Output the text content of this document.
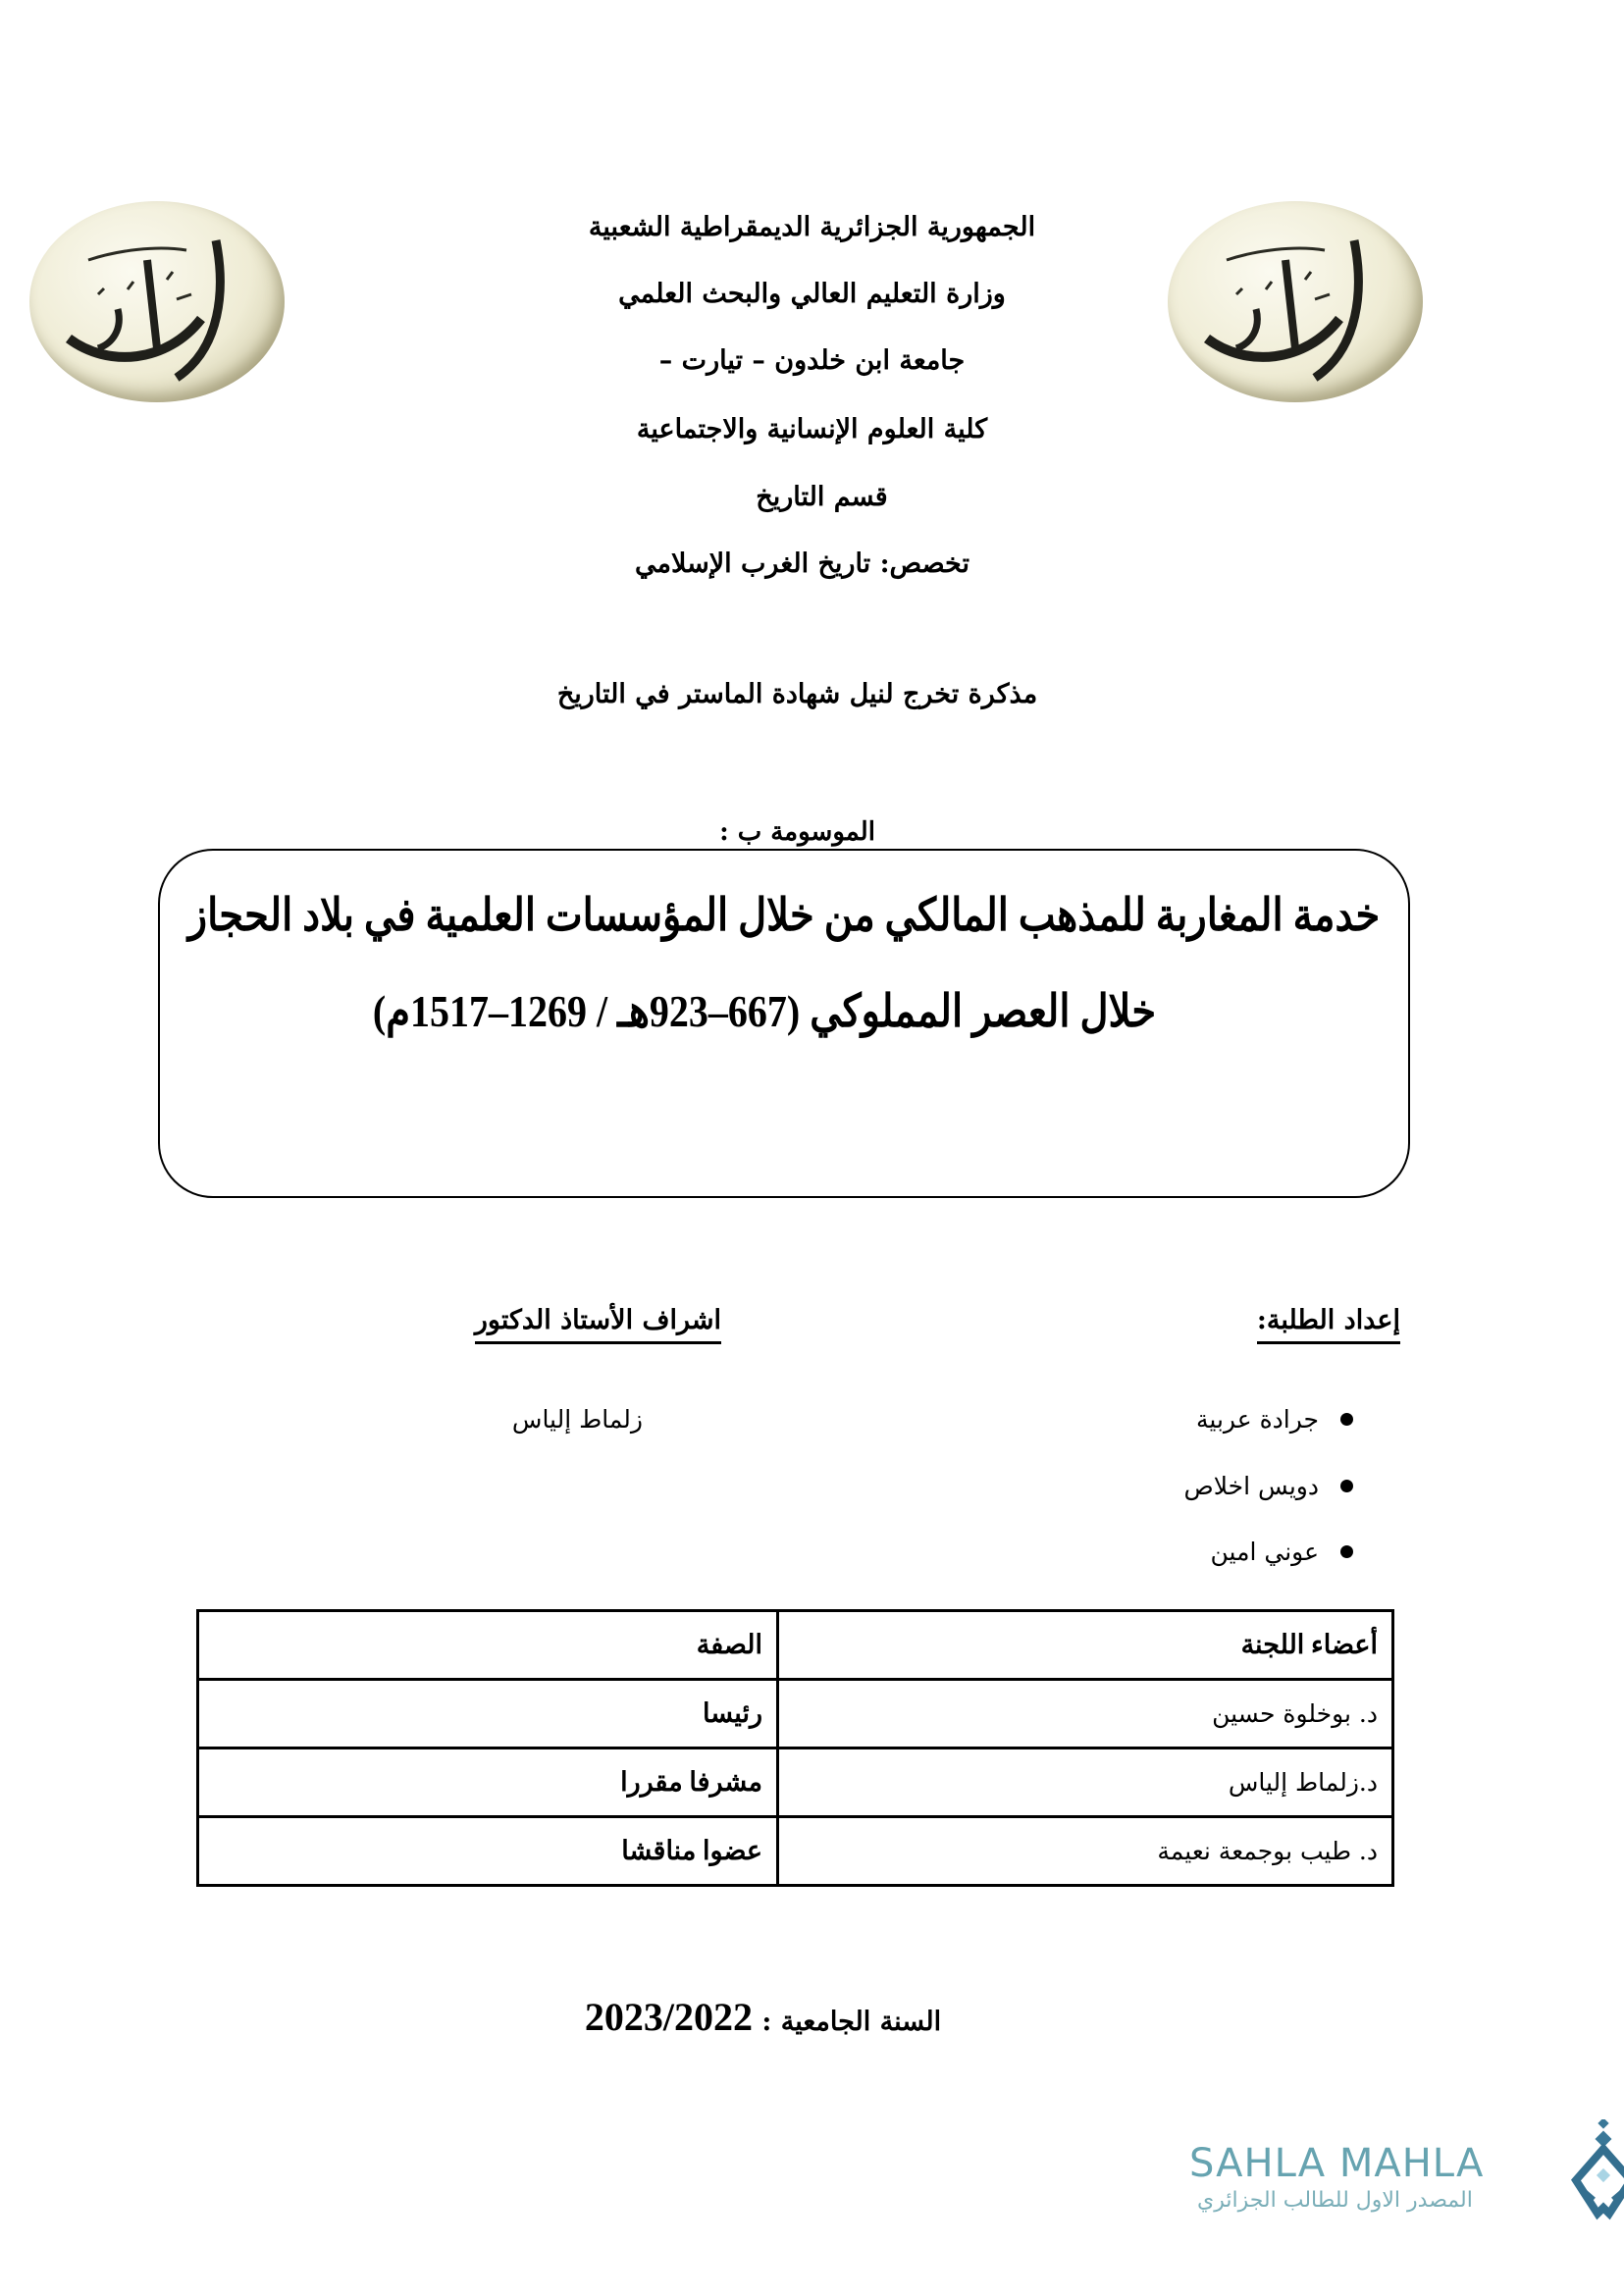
الجمهورية الجزائرية الديمقراطية الشعبية
وزارة التعليم العالي والبحث العلمي
جامعة ابن خلدون – تيارت –
كلية العلوم الإنسانية والاجتماعية
قسم التاريخ
تخصص: تاريخ الغرب الإسلامي
مذكرة تخرج لنيل شهادة الماستر في التاريخ
الموسومة ب :
خدمة المغاربة للمذهب المالكي من خلال المؤسسات العلمية في بلاد الحجاز
خلال العصر المملوكي (667–923هـ / 1269–1517م)
إعداد الطلبة:
جرادة عربية
دويس اخلاص
عوني امين
اشراف الأستاذ الدكتور
زلماط إلياس
أعضاء اللجنة	الصفة
د. بوخلوة حسين	رئيسا
د.زلماط إلياس	مشرفا مقررا
د. طيب بوجمعة نعيمة	عضوا مناقشا
السنة الجامعية : 2023/2022
SAHLA MAHLA
المصدر الاول للطالب الجزائري
